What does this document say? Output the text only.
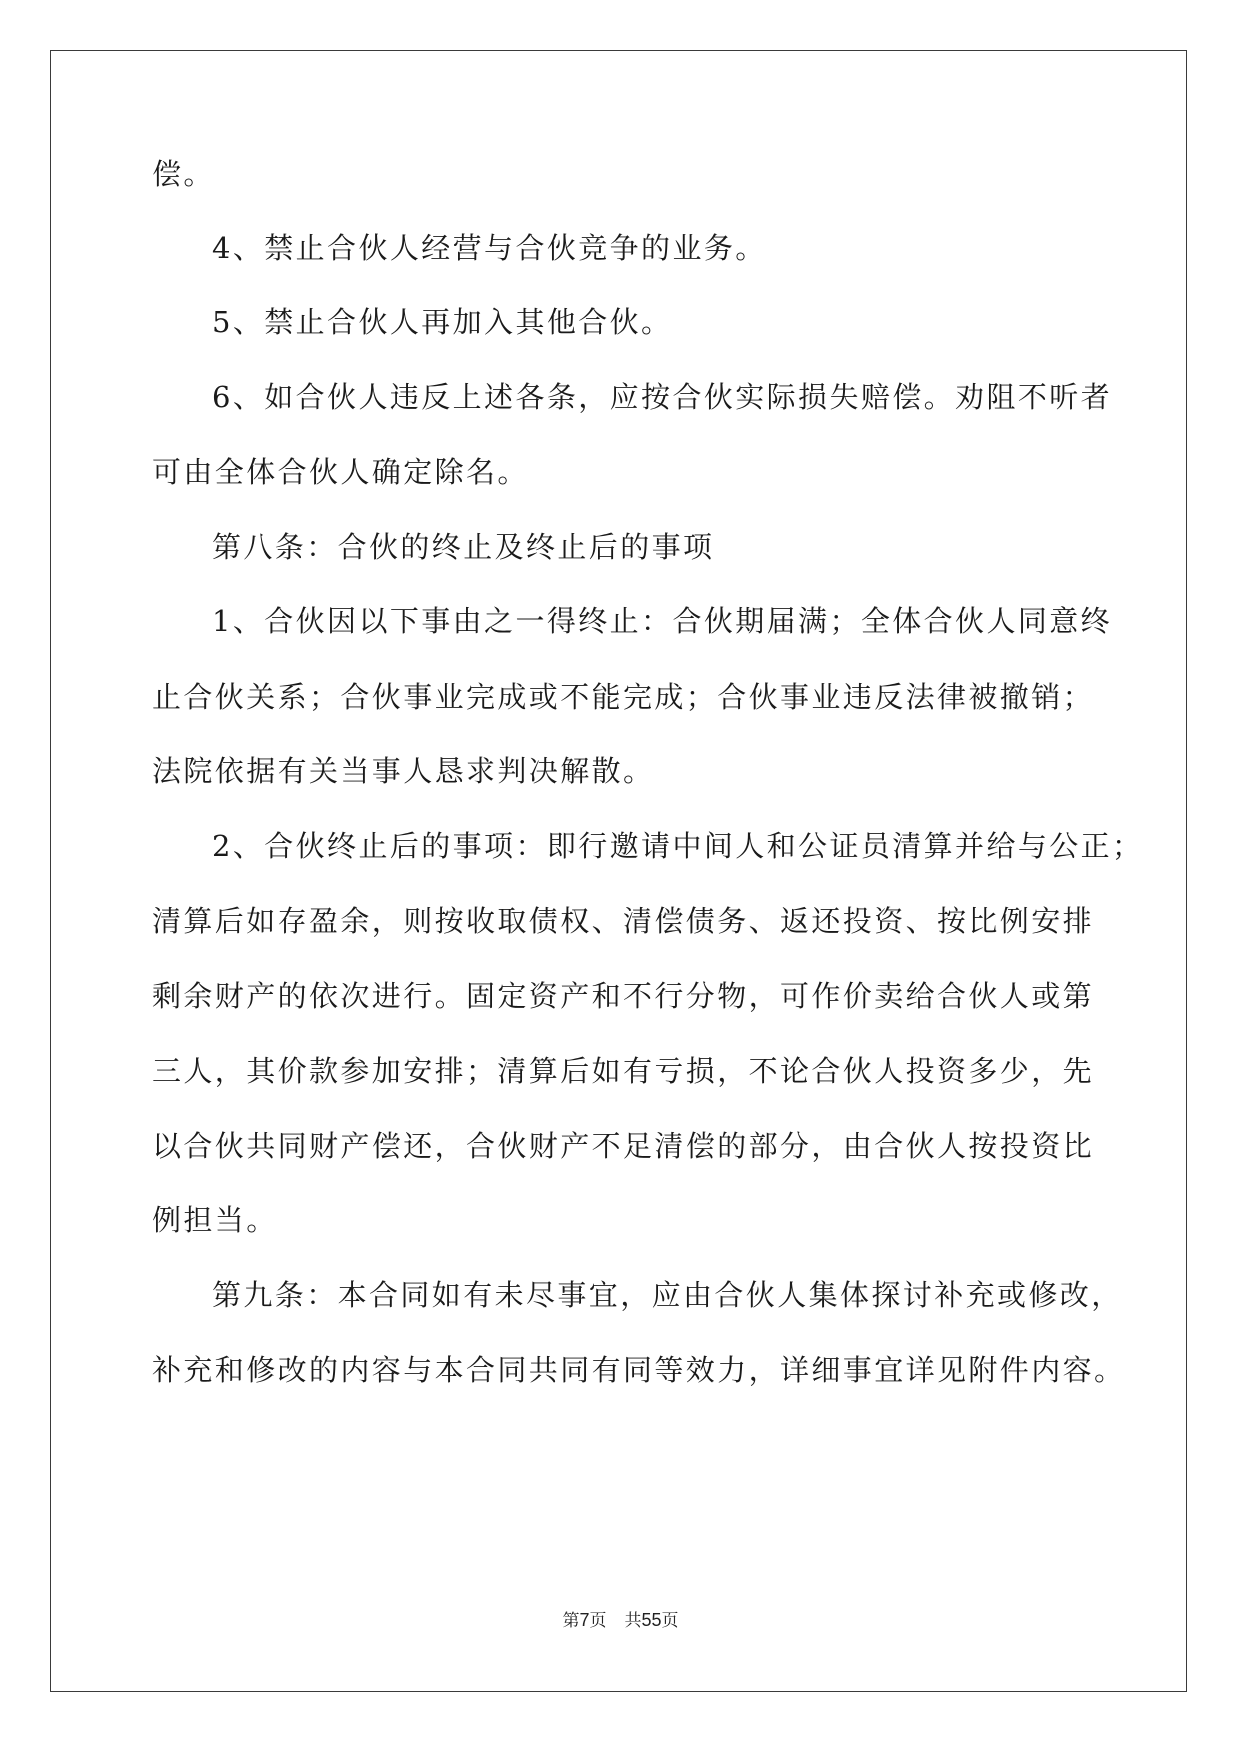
偿。
4、禁止合伙人经营与合伙竞争的业务。
5、禁止合伙人再加入其他合伙。
6、如合伙人违反上述各条，应按合伙实际损失赔偿。劝阻不听者
可由全体合伙人确定除名。
第八条：合伙的终止及终止后的事项
1、合伙因以下事由之一得终止：合伙期届满；全体合伙人同意终
止合伙关系；合伙事业完成或不能完成；合伙事业违反法律被撤销；
法院依据有关当事人恳求判决解散。
2、合伙终止后的事项：即行邀请中间人和公证员清算并给与公正；
清算后如存盈余，则按收取债权、清偿债务、返还投资、按比例安排
剩余财产的依次进行。固定资产和不行分物，可作价卖给合伙人或第
三人，其价款参加安排；清算后如有亏损，不论合伙人投资多少，先
以合伙共同财产偿还，合伙财产不足清偿的部分，由合伙人按投资比
例担当。
第九条：本合同如有未尽事宜，应由合伙人集体探讨补充或修改，
补充和修改的内容与本合同共同有同等效力，详细事宜详见附件内容。
第7页 共55页
